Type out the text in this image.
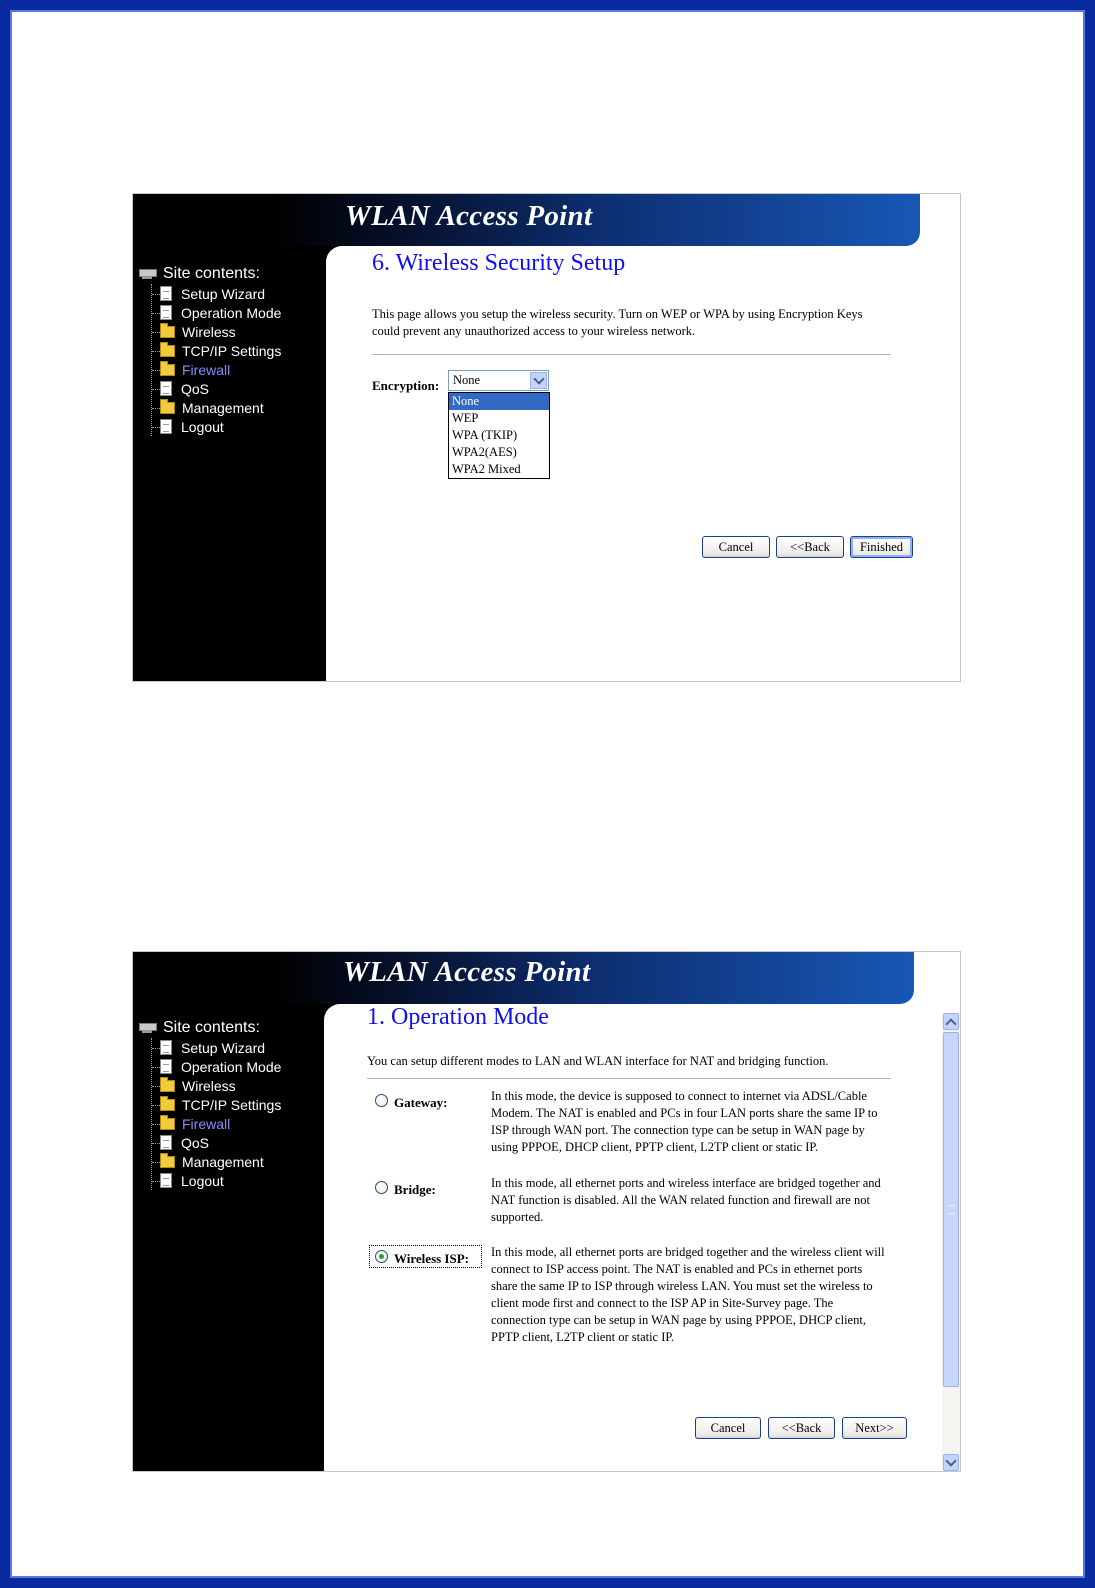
WLAN Access Point
Site contents:
Setup Wizard
Operation Mode
Wireless
TCP/IP Settings
Firewall
QoS
Management
Logout
6. Wireless Security Setup
This page allows you setup the wireless security. Turn on WEP or WPA by using Encryption Keys could prevent any unauthorized access to your wireless network.
Encryption: None
None
WEP
WPA (TKIP)
WPA2(AES)
WPA2 Mixed
Cancel	<<Back	Finished
WLAN Access Point
Site contents:
Setup Wizard
Operation Mode
Wireless
TCP/IP Settings
Firewall
QoS
Management
Logout
1. Operation Mode
You can setup different modes to LAN and WLAN interface for NAT and bridging function.
Gateway:	In this mode, the device is supposed to connect to internet via ADSL/Cable Modem. The NAT is enabled and PCs in four LAN ports share the same IP to ISP through WAN port. The connection type can be setup in WAN page by using PPPOE, DHCP client, PPTP client, L2TP client or static IP.
Bridge:	In this mode, all ethernet ports and wireless interface are bridged together and NAT function is disabled. All the WAN related function and firewall are not supported.
Wireless ISP: In this mode, all ethernet ports are bridged together and the wireless client will connect to ISP access point. The NAT is enabled and PCs in ethernet ports share the same IP to ISP through wireless LAN. You must set the wireless to client mode first and connect to the ISP AP in Site-Survey page. The connection type can be setup in WAN page by using PPPOE, DHCP client, PPTP client, L2TP client or static IP.
Cancel	<<Back	Next>>
